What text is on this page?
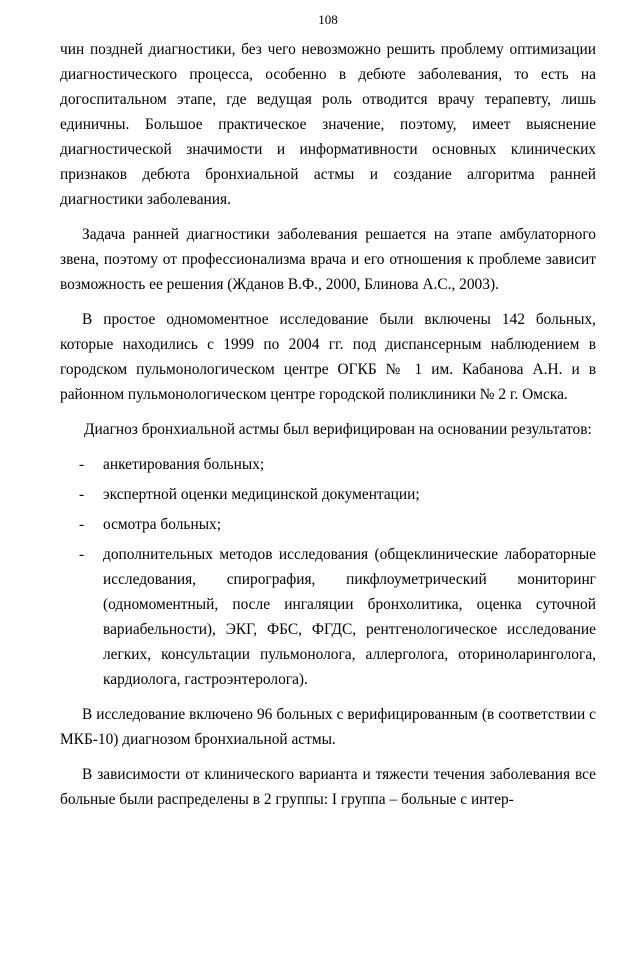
108

чин поздней диагностики, без чего невозможно решить проблему оптимизации диагностического процесса, особенно в дебюте заболевания, то есть на догоспитальном этапе, где ведущая роль отводится врачу терапевту, лишь единичны. Большое практическое значение, поэтому, имеет выяснение диагностической значимости и информативности основных клинических признаков дебюта бронхиальной астмы и создание алгоритма ранней диагностики заболевания.

Задача ранней диагностики заболевания решается на этапе амбулаторного звена, поэтому от профессионализма врача и его отношения к проблеме зависит возможность ее решения (Жданов В.Ф., 2000, Блинова А.С., 2003).

В простое одномоментное исследование были включены 142 больных, которые находились с 1999 по 2004 гг. под диспансерным наблюдением в городском пульмонологическом центре ОГКБ № 1 им. Кабанова А.Н. и в районном пульмонологическом центре городской поликлиники № 2 г. Омска.

Диагноз бронхиальной астмы был верифицирован на основании результатов:

- анкетирования больных;
- экспертной оценки медицинской документации;
- осмотра больных;
- дополнительных методов исследования (общеклинические лабораторные исследования, спирография, пикфлоуметрический мониторинг (одномоментный, после ингаляции бронхолитика, оценка суточной вариабельности), ЭКГ, ФБС, ФГДС, рентгенологическое исследование легких, консультации пульмонолога, аллерголога, оториноларинголога, кардиолога, гастроэнтеролога).

В исследование включено 96 больных с верифицированным (в соответствии с МКБ-10) диагнозом бронхиальной астмы.

В зависимости от клинического варианта и тяжести течения заболевания все больные были распределены в 2 группы: I группа – больные с интер-
